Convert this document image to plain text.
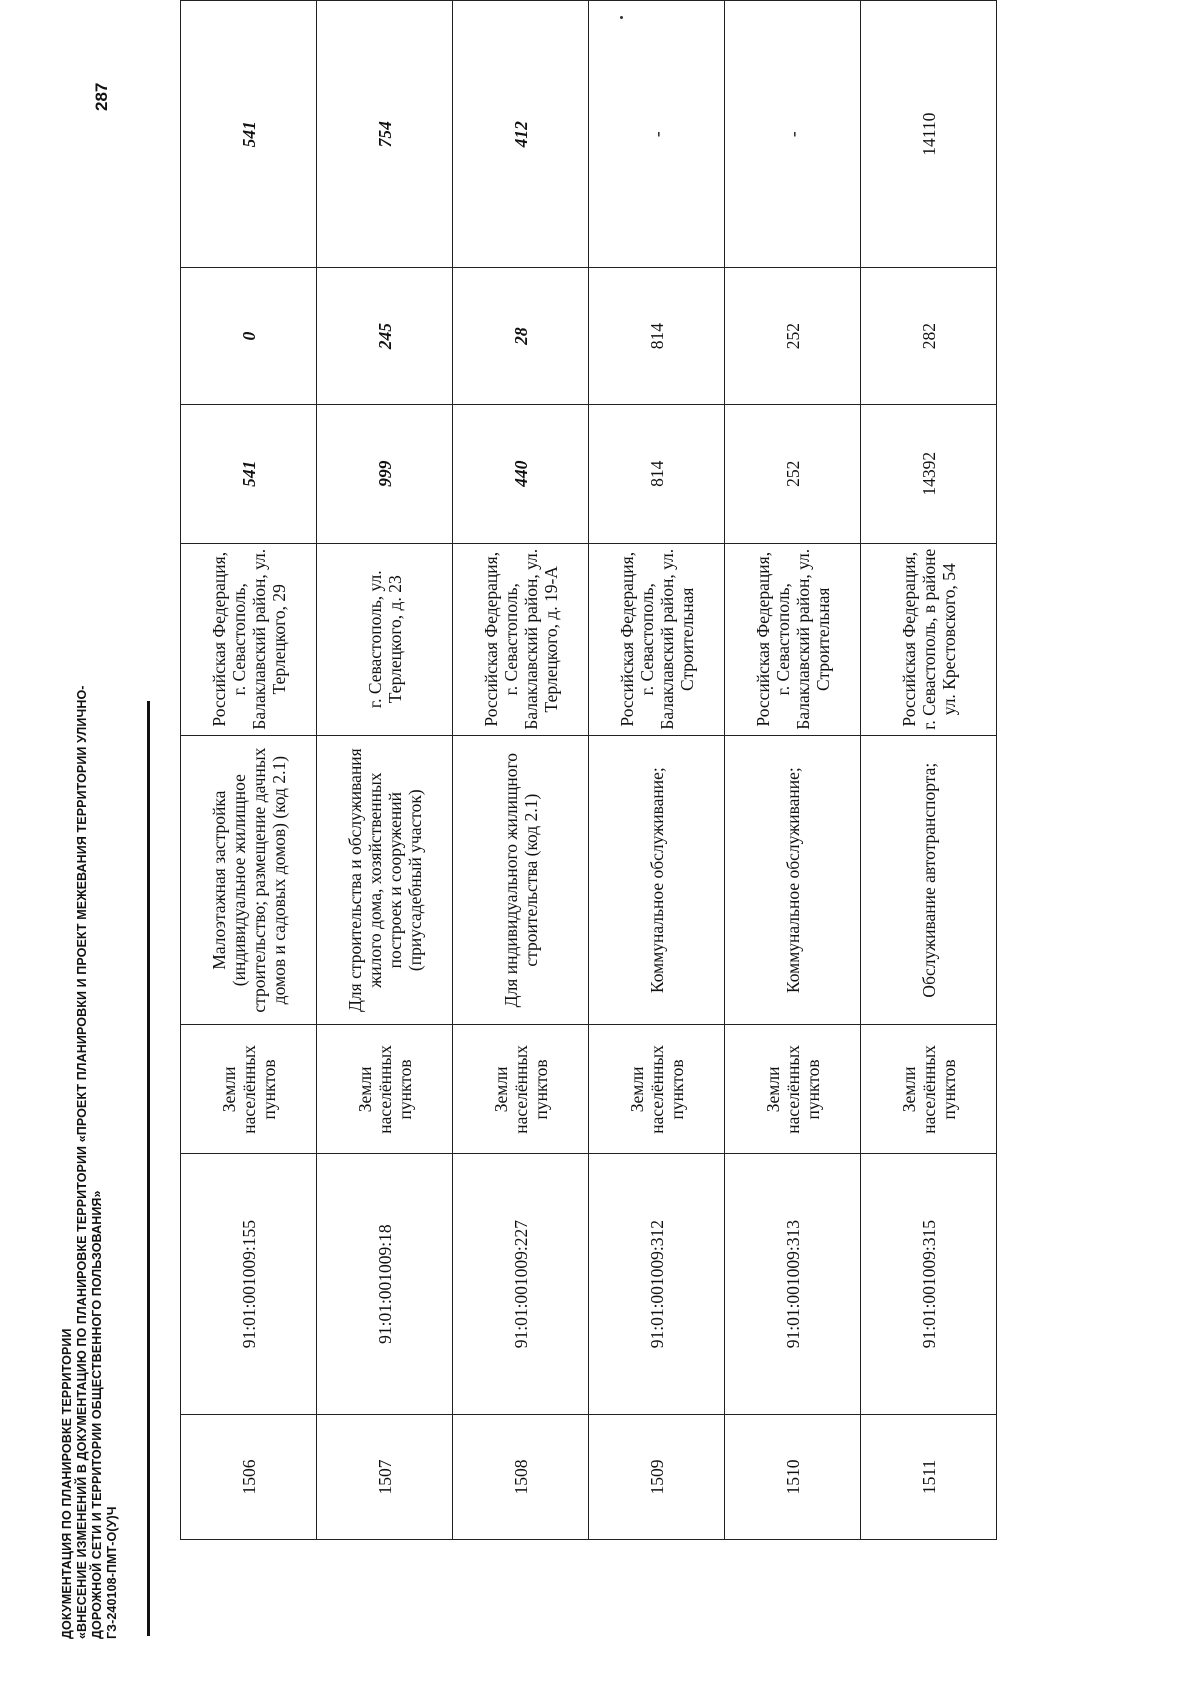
ДОКУМЕНТАЦИЯ ПО ПЛАНИРОВКЕ ТЕРРИТОРИИ «ВНЕСЕНИЕ ИЗМЕНЕНИЙ В ДОКУМЕНТАЦИЮ ПО ПЛАНИРОВКЕ ТЕРРИТОРИИ «ПРОЕКТ ПЛАНИРОВКИ И ПРОЕКТ МЕЖЕВАНИЯ ТЕРРИТОРИИ УЛИЧНО- ДОРОЖНОЙ СЕТИ И ТЕРРИТОРИИ ОБЩЕСТВЕННОГО ПОЛЬЗОВАНИЯ» ГЗ-240108-ПМТ-О(У)Ч
287
1506	91:01:001009:155	Земли населённых пунктов	Малоэтажная застройка (индивидуальное жилищное строительство; размещение дачных домов и садовых домов) (код 2.1)	Российская Федерация, г. Севастополь, Балаклавский район, ул. Терлецкого, 29	541	0	541
1507	91:01:001009:18	Земли населённых пунктов	Для строительства и обслуживания жилого дома, хозяйственных построек и сооружений (приусадебный участок)	г. Севастополь, ул. Терлецкого, д. 23	999	245	754
1508	91:01:001009:227	Земли населённых пунктов	Для индивидуального жилищного строительства (код 2.1)	Российская Федерация, г. Севастополь, Балаклавский район, ул. Терлецкого, д. 19-А	440	28	412
1509	91:01:001009:312	Земли населённых пунктов	Коммунальное обслуживание;	Российская Федерация, г. Севастополь, Балаклавский район, ул. Строительная	814	814	-
1510	91:01:001009:313	Земли населённых пунктов	Коммунальное обслуживание;	Российская Федерация, г. Севастополь, Балаклавский район, ул. Строительная	252	252	-
1511	91:01:001009:315	Земли населённых пунктов	Обслуживание автотранспорта;	Российская Федерация, г. Севастополь, в районе ул. Крестовского, 54	14392	282	14110
